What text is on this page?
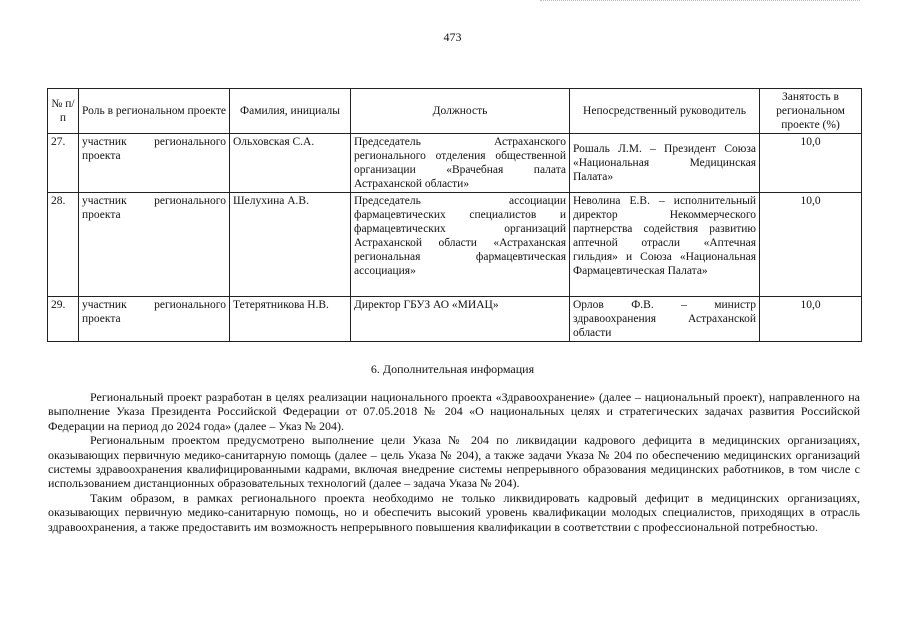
473
№ п/п	Роль в региональном проекте	Фамилия, инициалы	Должность	Непосредственный руководитель	Занятость в региональном проекте (%)
27.	участник регионального проекта	Ольховская С.А.	Председатель Астраханского регионального отделения общественной организации «Врачебная палата Астраханской области»	Рошаль Л.М. – Президент Союза «Национальная Медицинская Палата»	10,0
28.	участник регионального проекта	Шелухина А.В.	Председатель ассоциации фармацевтических специалистов и фармацевтических организаций Астраханской области «Астраханская региональная фармацевтическая ассоциация»	Неволина Е.В. – исполнительный директор Некоммерческого партнерства содействия развитию аптечной отрасли «Аптечная гильдия» и Союза «Национальная Фармацевтическая Палата»	10,0
29.	участник регионального проекта	Тетерятникова Н.В.	Директор ГБУЗ АО «МИАЦ»	Орлов Ф.В. – министр здравоохранения Астраханской области	10,0
6. Дополнительная информация

Региональный проект разработан в целях реализации национального проекта «Здравоохранение» (далее – национальный проект), направленного на выполнение Указа Президента Российской Федерации от 07.05.2018 № 204 «О национальных целях и стратегических задачах развития Российской Федерации на период до 2024 года» (далее – Указ № 204).

Региональным проектом предусмотрено выполнение цели Указа № 204 по ликвидации кадрового дефицита в медицинских организациях, оказывающих первичную медико-санитарную помощь (далее – цель Указа № 204), а также задачи Указа № 204 по обеспечению медицинских организаций системы здравоохранения квалифицированными кадрами, включая внедрение системы непрерывного образования медицинских работников, в том числе с использованием дистанционных образовательных технологий (далее – задача Указа № 204).

Таким образом, в рамках регионального проекта необходимо не только ликвидировать кадровый дефицит в медицинских организациях, оказывающих первичную медико-санитарную помощь, но и обеспечить высокий уровень квалификации молодых специалистов, приходящих в отрасль здравоохранения, а также предоставить им возможность непрерывного повышения квалификации в соответствии с профессиональной потребностью.
